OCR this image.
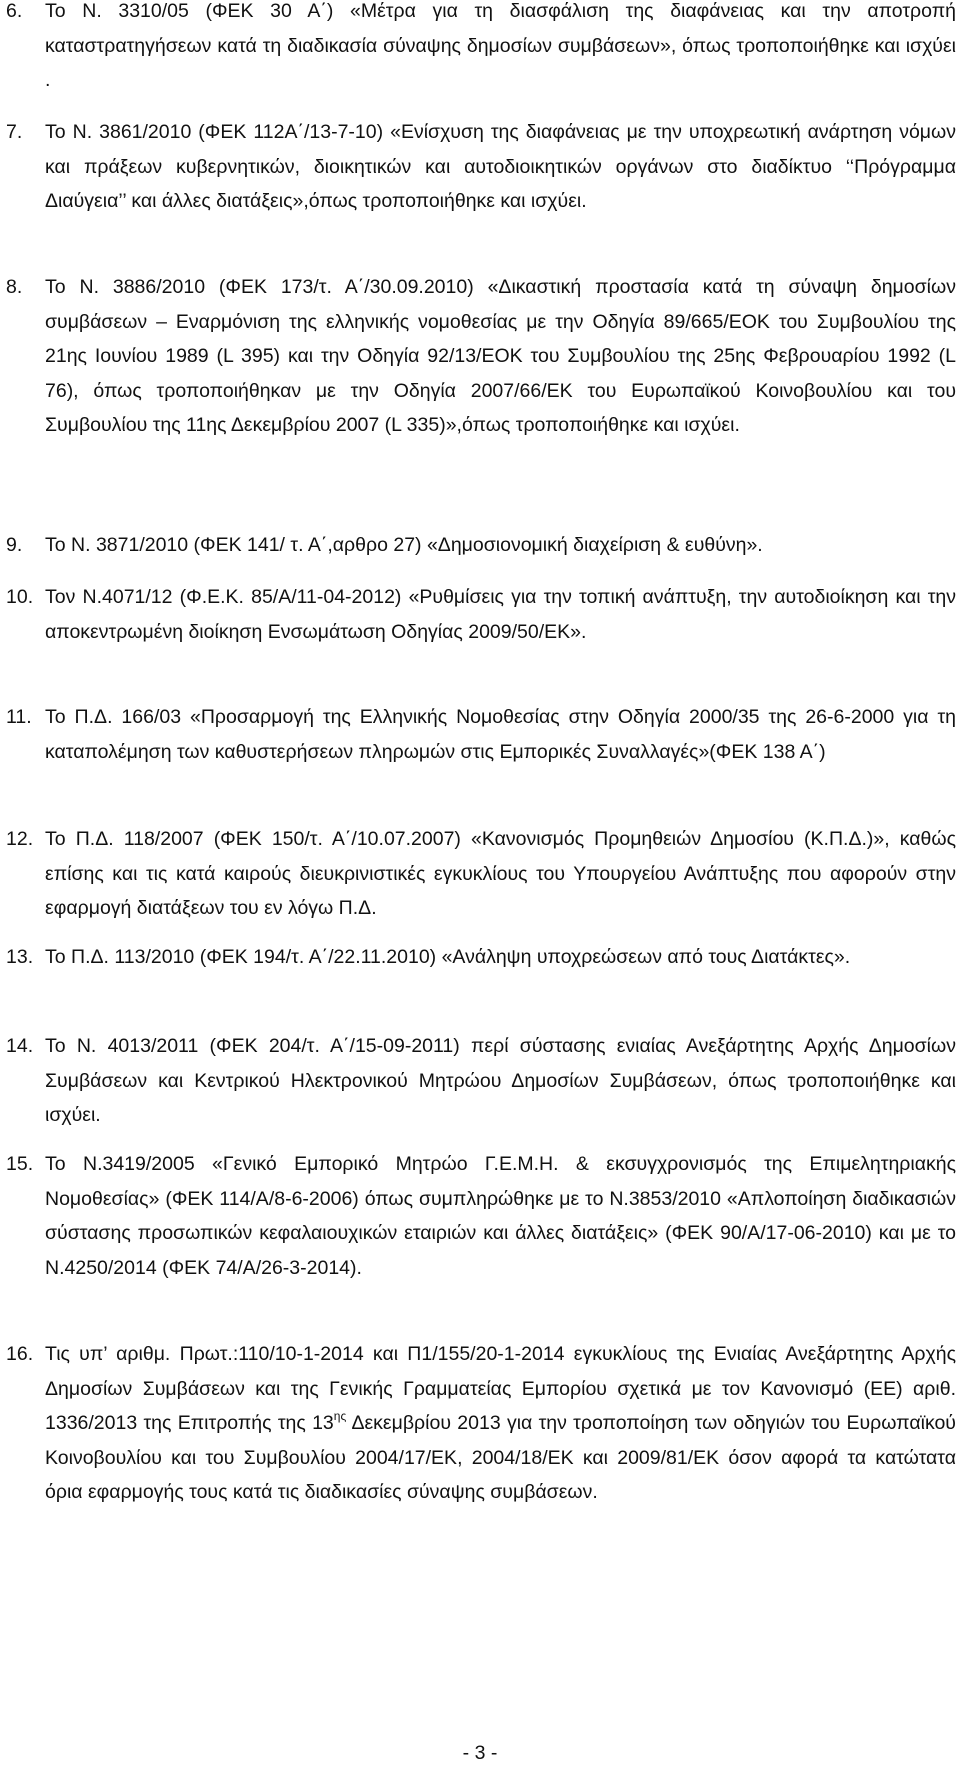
6.	Το Ν. 3310/05 (ΦΕΚ 30 Α΄) «Μέτρα για τη διασφάλιση της διαφάνειας και την αποτροπή καταστρατηγήσεων κατά τη διαδικασία σύναψης δημοσίων συμβάσεων», όπως τροποποιήθηκε και ισχύει .
7.	Το Ν. 3861/2010 (ΦΕΚ 112Α΄/13-7-10) «Ενίσχυση της διαφάνειας με την υποχρεωτική ανάρτηση νόμων και πράξεων κυβερνητικών, διοικητικών και αυτοδιοικητικών οργάνων στο διαδίκτυο ‘‘Πρόγραμμα Διαύγεια’’ και άλλες διατάξεις»,όπως τροποποιήθηκε και ισχύει.
8.	Το Ν. 3886/2010 (ΦΕΚ 173/τ. Α΄/30.09.2010) «Δικαστική προστασία κατά τη σύναψη δημοσίων συμβάσεων – Εναρμόνιση της ελληνικής νομοθεσίας με την Οδηγία 89/665/ΕΟΚ του Συμβουλίου της 21ης Ιουνίου 1989 (L 395) και την Οδηγία 92/13/ΕΟΚ του Συμβουλίου της 25ης Φεβρουαρίου 1992 (L 76), όπως τροποποιήθηκαν με την Οδηγία 2007/66/ΕΚ του Ευρωπαϊκού Κοινοβουλίου και του Συμβουλίου της 11ης Δεκεμβρίου 2007 (L 335)»,όπως τροποποιήθηκε και ισχύει.
9.	Το Ν. 3871/2010 (ΦΕΚ 141/ τ. Α΄,αρθρο 27) «Δημοσιονομική διαχείριση & ευθύνη».
10. Τον Ν.4071/12 (Φ.Ε.Κ. 85/Α/11-04-2012) «Ρυθμίσεις για την τοπική ανάπτυξη, την αυτοδιοίκηση και την αποκεντρωμένη διοίκηση Ενσωμάτωση Οδηγίας 2009/50/ΕΚ».
11. Το Π.Δ. 166/03 «Προσαρμογή της Ελληνικής Νομοθεσίας στην Οδηγία 2000/35 της 26-6-2000 για τη καταπολέμηση των καθυστερήσεων πληρωμών στις Εμπορικές Συναλλαγές»(ΦΕΚ 138 Α΄)
12. Το Π.Δ. 118/2007 (ΦΕΚ 150/τ. Α΄/10.07.2007) «Κανονισμός Προμηθειών Δημοσίου (Κ.Π.Δ.)», καθώς επίσης και τις κατά καιρούς διευκρινιστικές εγκυκλίους του Υπουργείου Ανάπτυξης που αφορούν στην εφαρμογή διατάξεων του εν λόγω Π.Δ.
13. Το Π.Δ. 113/2010 (ΦΕΚ 194/τ. Α΄/22.11.2010) «Ανάληψη υποχρεώσεων από τους Διατάκτες».
14. Το Ν. 4013/2011 (ΦΕΚ 204/τ. Α΄/15-09-2011) περί σύστασης ενιαίας Ανεξάρτητης Αρχής Δημοσίων Συμβάσεων και Κεντρικού Ηλεκτρονικού Μητρώου Δημοσίων Συμβάσεων, όπως τροποποιήθηκε και ισχύει.
15. Το Ν.3419/2005 «Γενικό Εμπορικό Μητρώο Γ.Ε.Μ.Η. & εκσυγχρονισμός της Επιμελητηριακής Νομοθεσίας» (ΦΕΚ 114/Α/8-6-2006) όπως συμπληρώθηκε με το Ν.3853/2010 «Απλοποίηση διαδικασιών σύστασης προσωπικών κεφαλαιουχικών εταιριών και άλλες διατάξεις» (ΦΕΚ 90/Α/17-06-2010) και με το Ν.4250/2014 (ΦΕΚ 74/Α/26-3-2014).
16. Τις υπ’ αριθμ. Πρωτ.:110/10-1-2014 και Π1/155/20-1-2014 εγκυκλίους της Ενιαίας Ανεξάρτητης Αρχής Δημοσίων Συμβάσεων και της Γενικής Γραμματείας Εμπορίου σχετικά με τον Κανονισμό (ΕΕ) αριθ. 1336/2013 της Επιτροπής της $13^{\eta\varsigma}$ Δεκεμβρίου 2013 για την τροποποίηση των οδηγιών του Ευρωπαϊκού Κοινοβουλίου και του Συμβουλίου 2004/17/ΕΚ, 2004/18/ΕΚ και 2009/81/ΕΚ όσον αφορά τα κατώτατα όρια εφαρμογής τους κατά τις διαδικασίες σύναψης συμβάσεων.
- 3 -
